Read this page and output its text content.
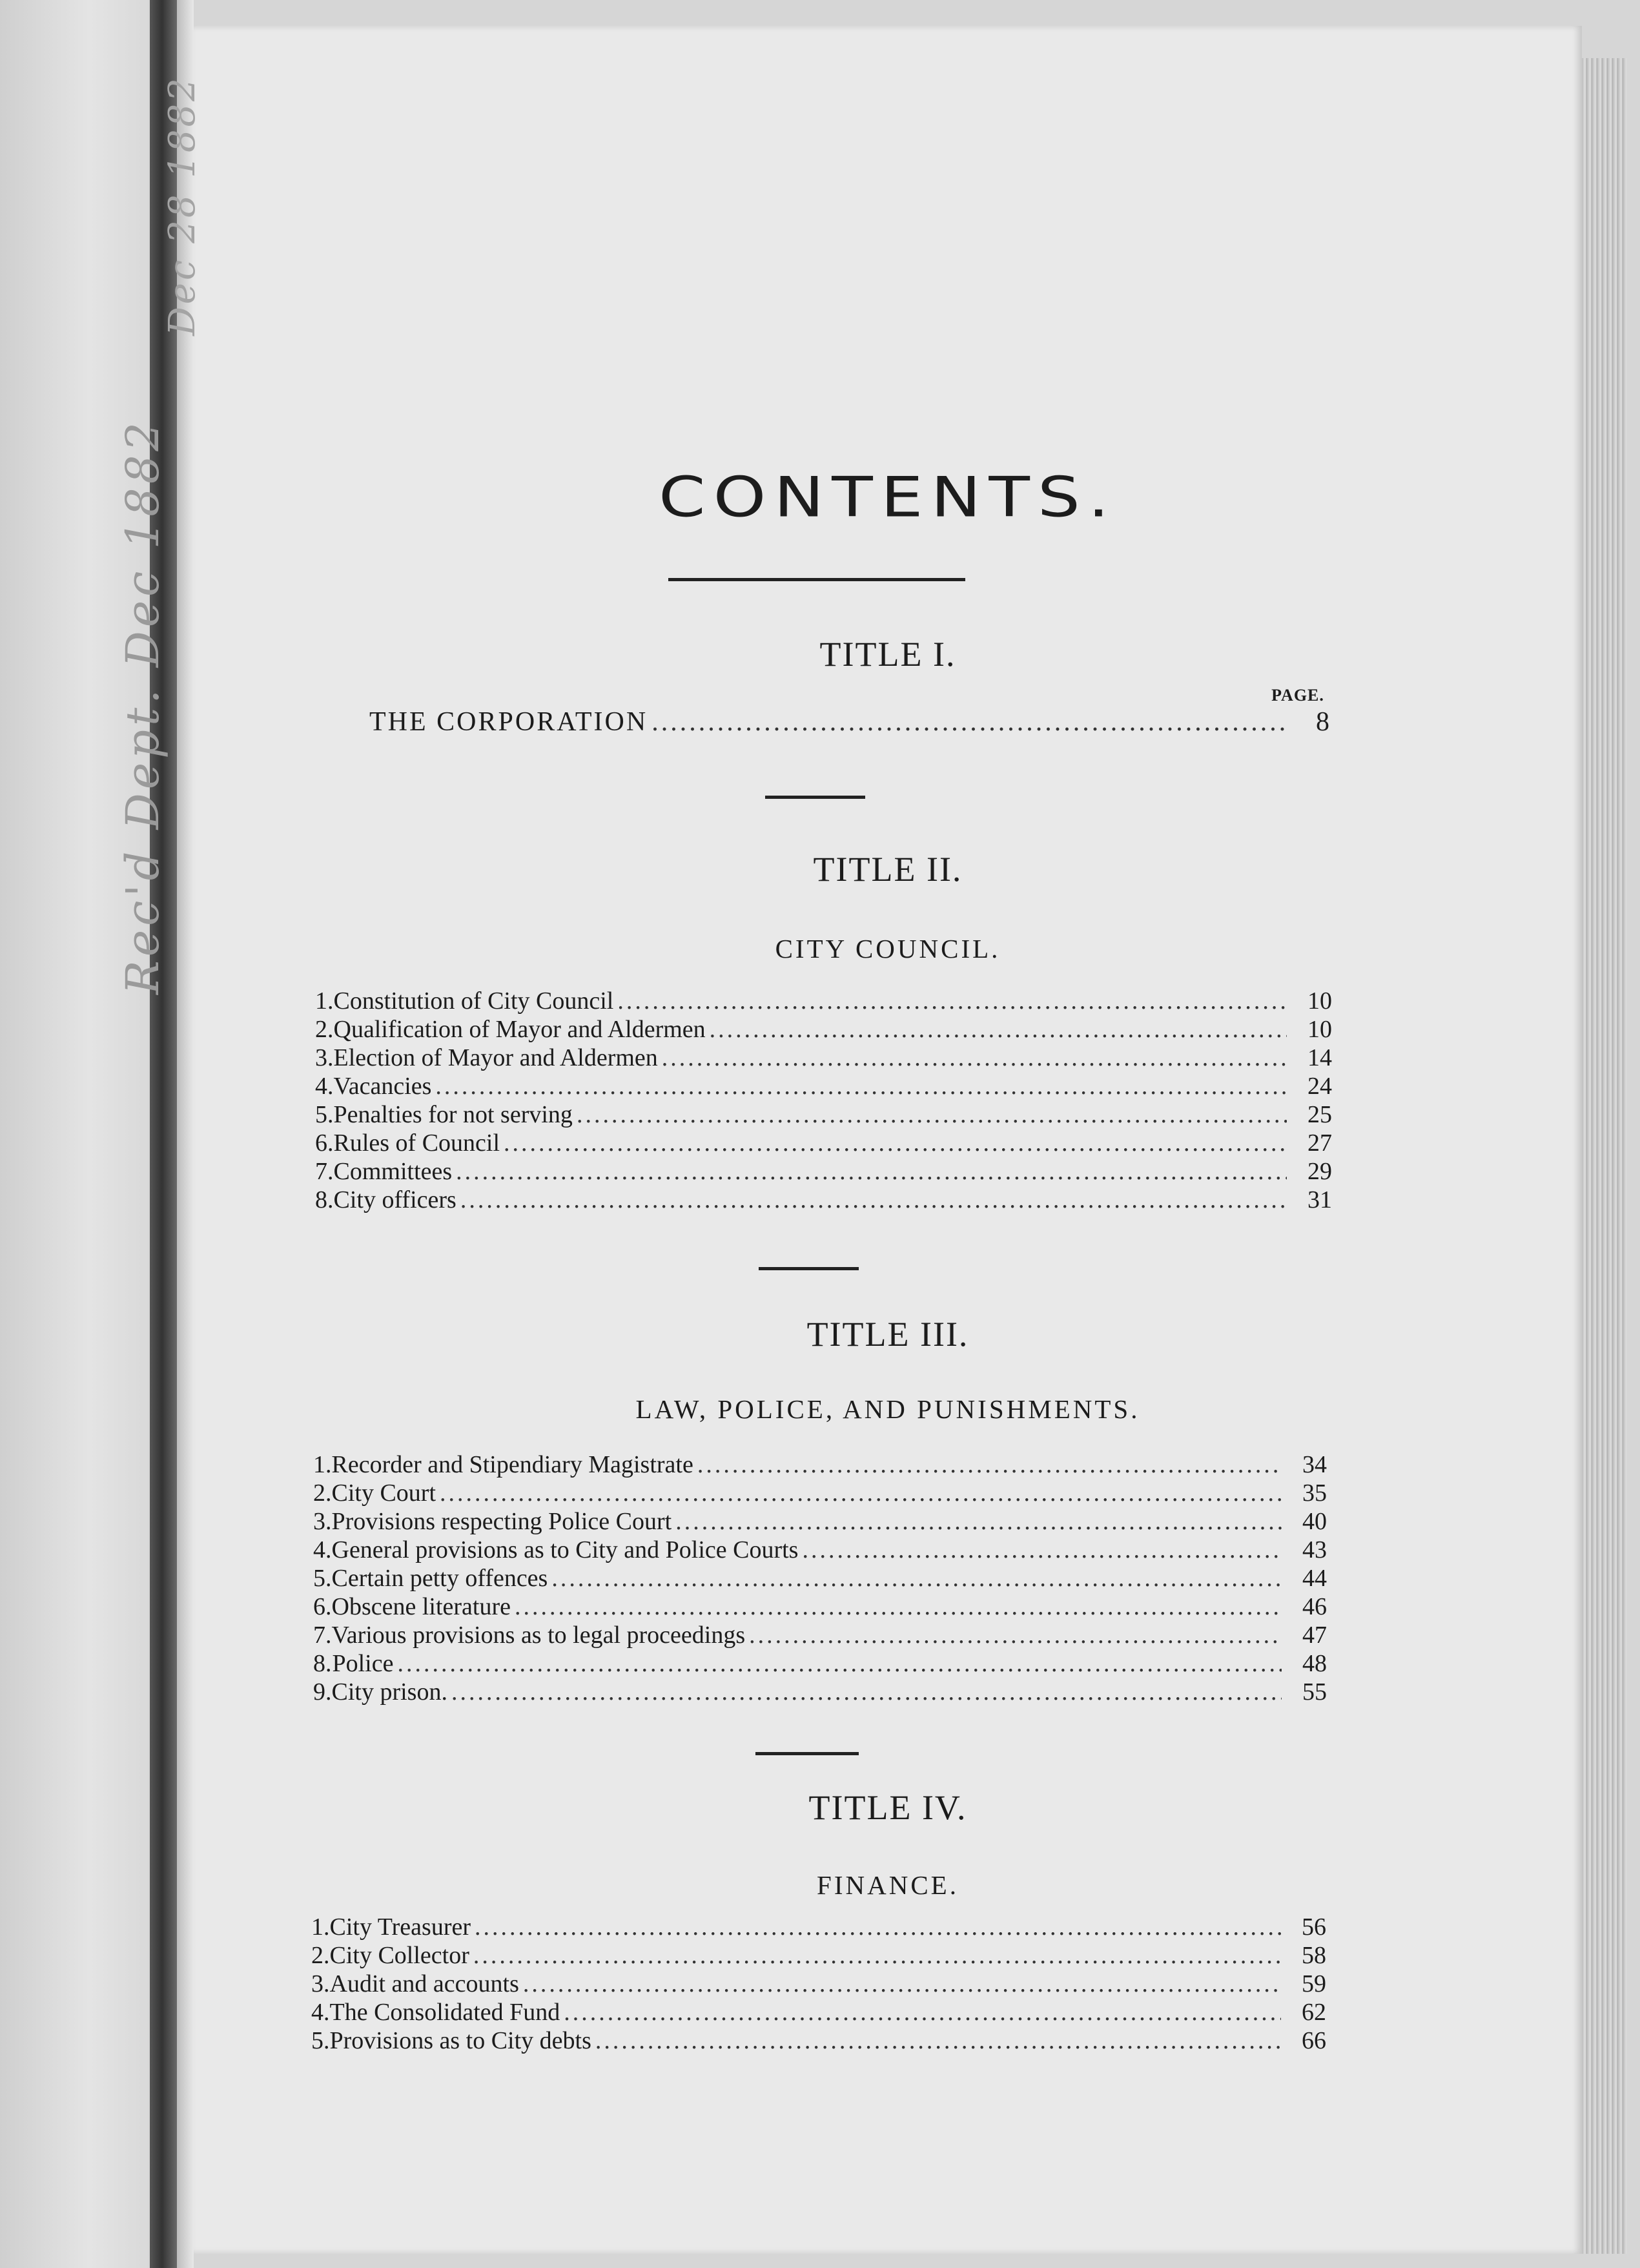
Rec'd Dept. Dec 1882
Dec 28 1882
CONTENTS.
TITLE I.
PAGE.
THE CORPORATION .....	8
TITLE II.
CITY COUNCIL.
1. Constitution of City Council .....	10
2. Qualification of Mayor and Aldermen .....	10
3. Election of Mayor and Aldermen .....	14
4. Vacancies .....	24
5. Penalties for not serving .....	25
6. Rules of Council .....	27
7. Committees .....	29
8. City officers .....	31
TITLE III.
LAW, POLICE, AND PUNISHMENTS.
1. Recorder and Stipendiary Magistrate .....	34
2. City Court .....	35
3. Provisions respecting Police Court .....	40
4. General provisions as to City and Police Courts .....	43
5. Certain petty offences .....	44
6. Obscene literature .....	46
7. Various provisions as to legal proceedings .....	47
8. Police .....	48
9. City prison. .....	55
TITLE IV.
FINANCE.
1. City Treasurer .....	56
2. City Collector .....	58
3. Audit and accounts .....	59
4. The Consolidated Fund .....	62
5. Provisions as to City debts .....	66
